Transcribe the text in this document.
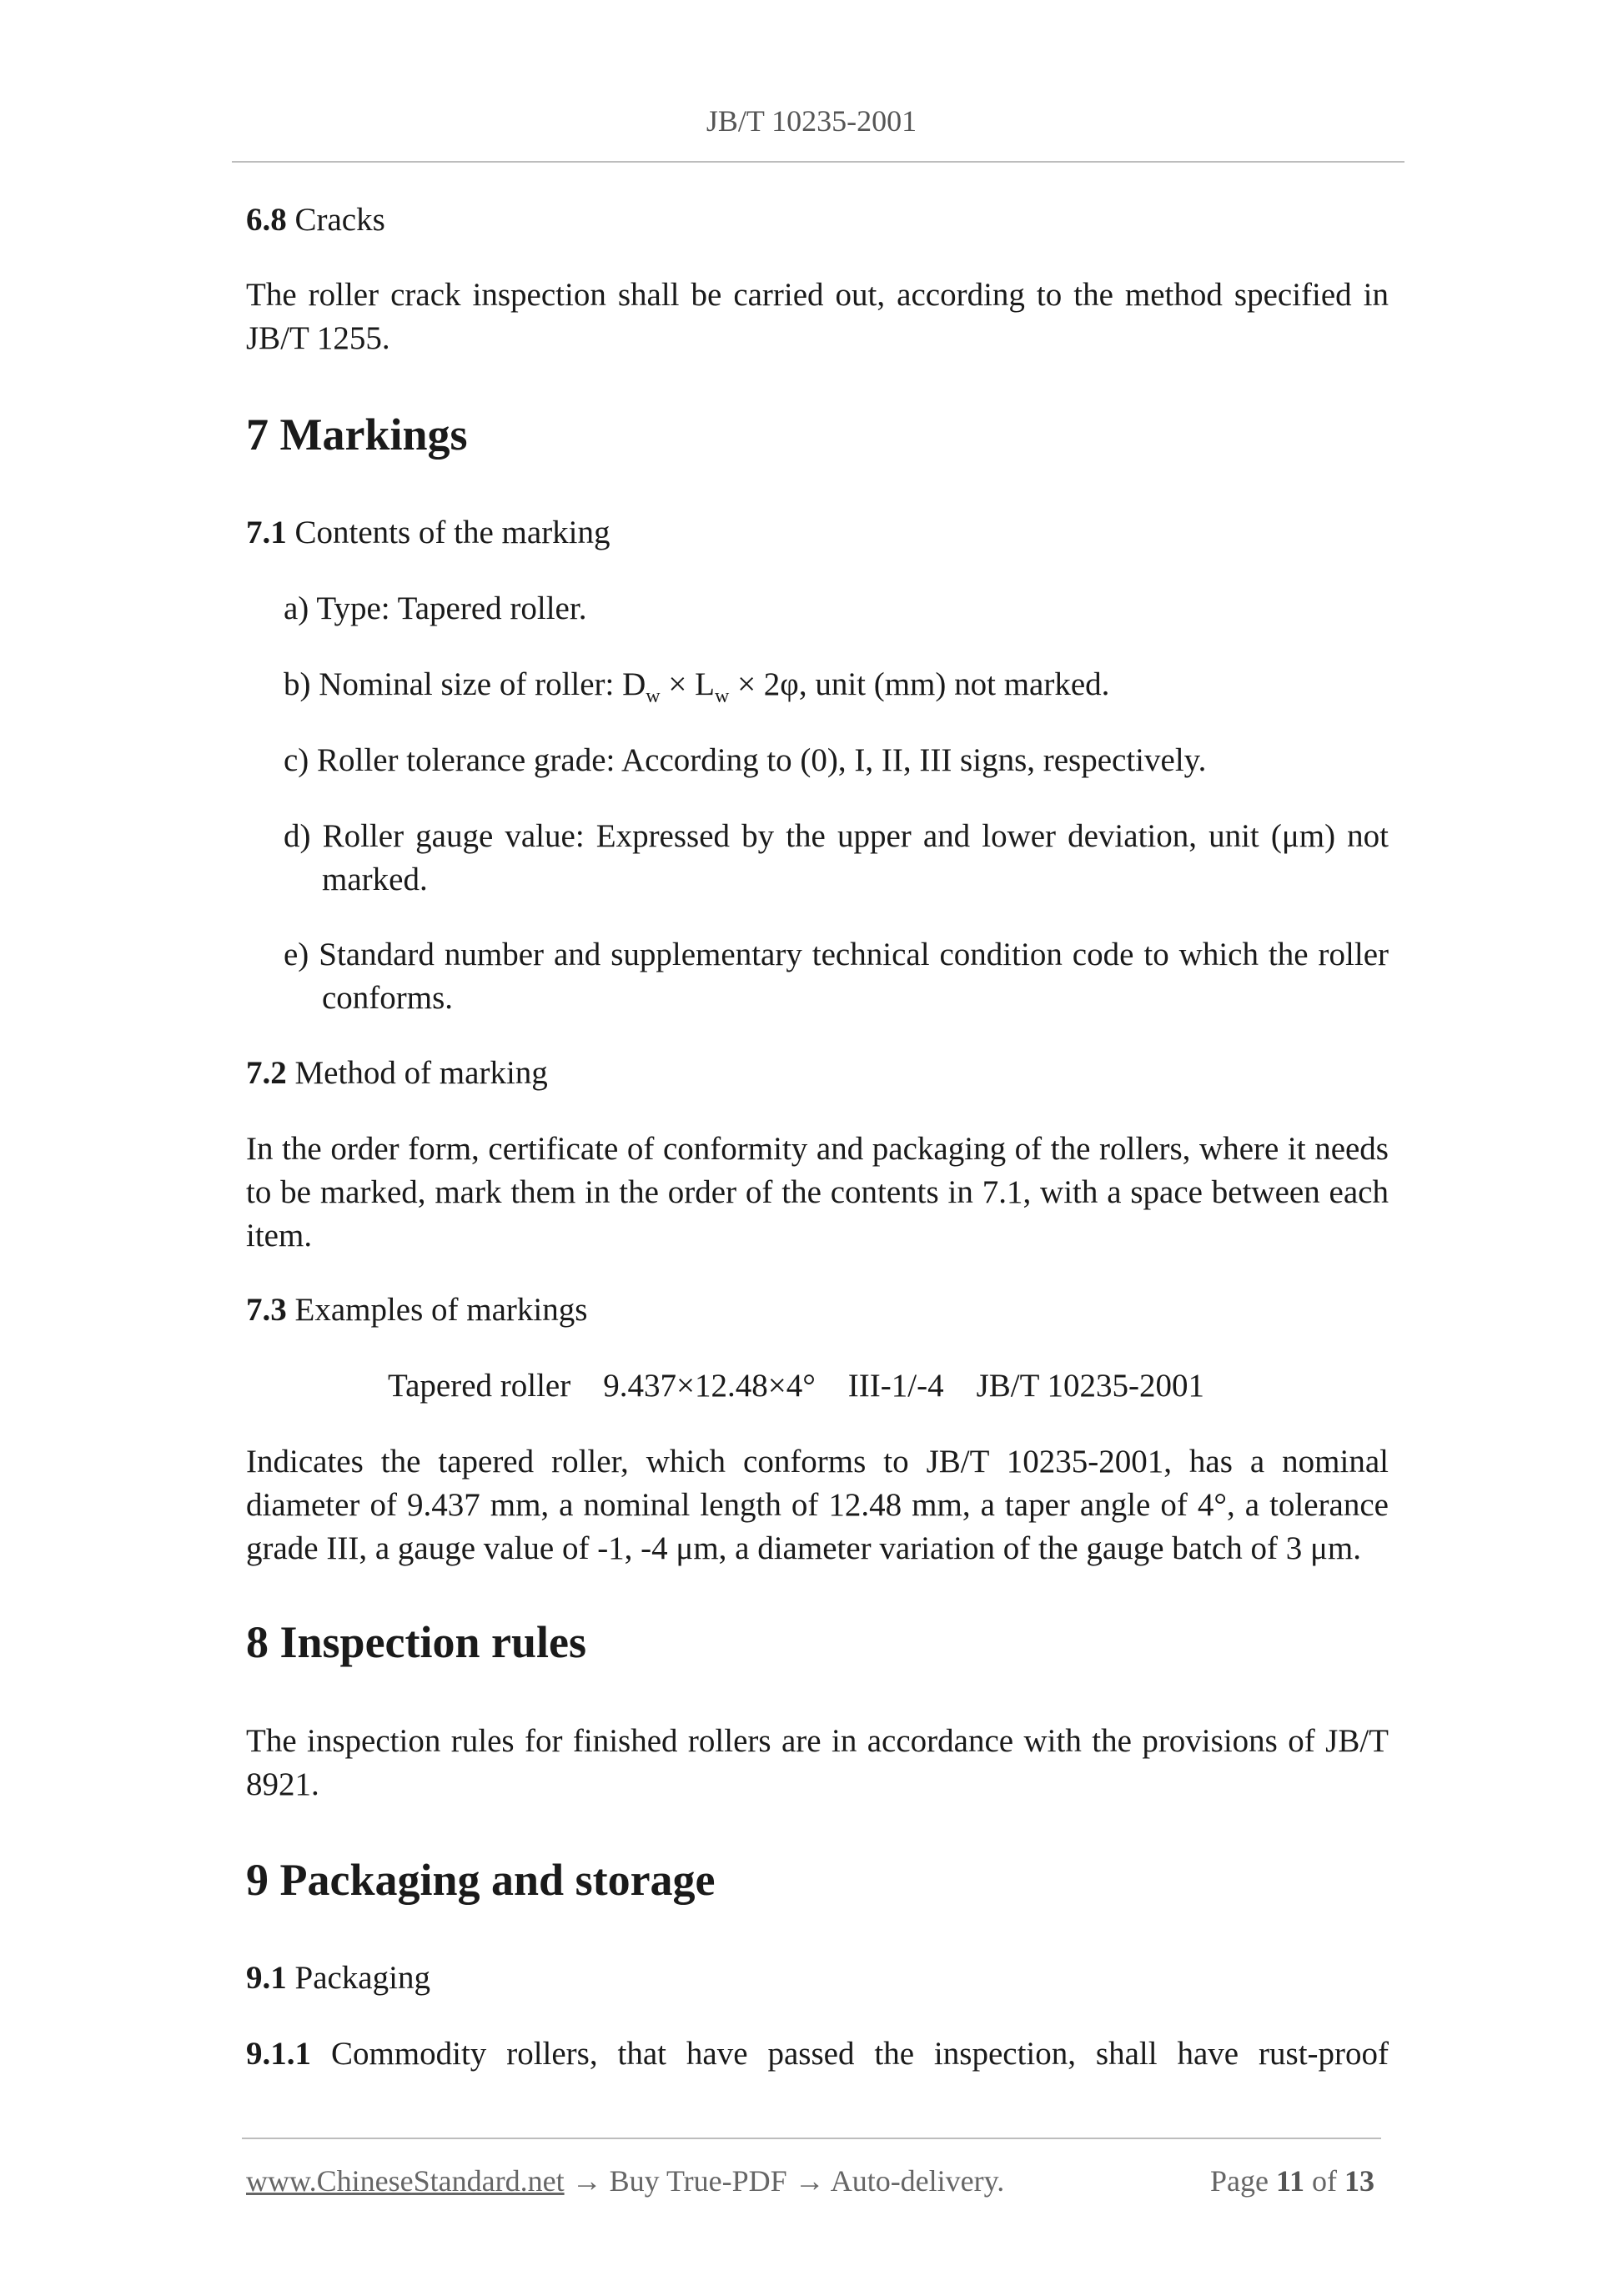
JB/T 10235-2001

6.8 Cracks

The roller crack inspection shall be carried out, according to the method specified in JB/T 1255.

7 Markings

7.1 Contents of the marking

a) Type: Tapered roller.

b) Nominal size of roller: $D_w \times L_w \times 2\varphi$, unit (mm) not marked.

c) Roller tolerance grade: According to (0), I, II, III signs, respectively.

d) Roller gauge value: Expressed by the upper and lower deviation, unit (μm) not marked.

e) Standard number and supplementary technical condition code to which the roller conforms.

7.2 Method of marking

In the order form, certificate of conformity and packaging of the rollers, where it needs to be marked, mark them in the order of the contents in 7.1, with a space between each item.

7.3 Examples of markings

Tapered roller    9.437×12.48×4°    III-1/-4    JB/T 10235-2001

Indicates the tapered roller, which conforms to JB/T 10235-2001, has a nominal diameter of 9.437 mm, a nominal length of 12.48 mm, a taper angle of 4°, a tolerance grade III, a gauge value of -1, -4 μm, a diameter variation of the gauge batch of 3 μm.

8 Inspection rules

The inspection rules for finished rollers are in accordance with the provisions of JB/T 8921.

9 Packaging and storage

9.1 Packaging

9.1.1 Commodity rollers, that have passed the inspection, shall have rust-proof

www.ChineseStandard.net → Buy True-PDF → Auto-delivery.	Page 11 of 13
